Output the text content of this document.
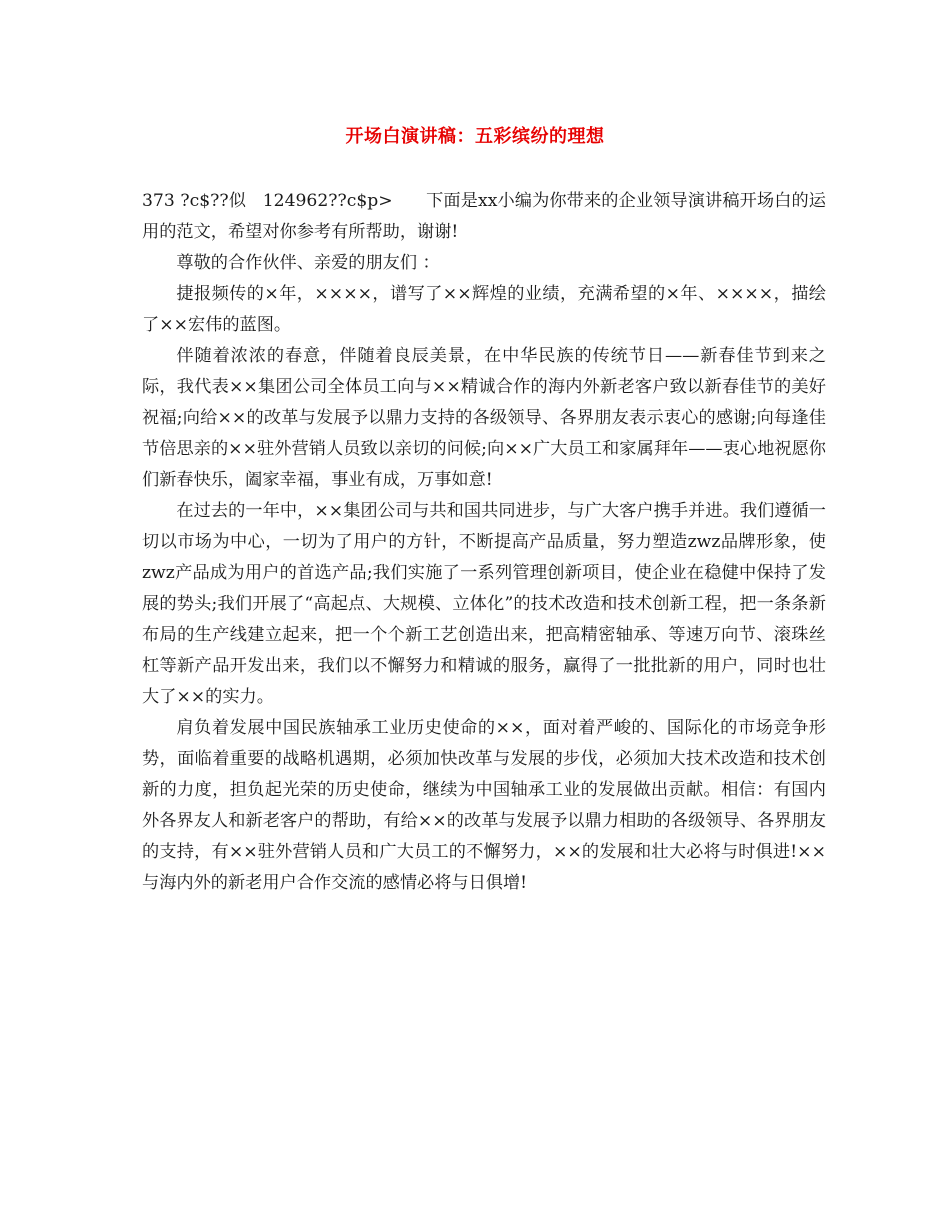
开场白演讲稿：五彩缤纷的理想

373 ?c$??似   124962??c$p>      下面是xx小编为你带来的企业领导演讲稿开场白的运用的范文，希望对你参考有所帮助，谢谢!

尊敬的合作伙伴、亲爱的朋友们 ：

捷报频传的×年，××××，谱写了××辉煌的业绩，充满希望的×年、××××，描绘了××宏伟的蓝图。

伴随着浓浓的春意，伴随着良辰美景，在中华民族的传统节日——新春佳节到来之际，我代表××集团公司全体员工向与××精诚合作的海内外新老客户致以新春佳节的美好祝福;向给××的改革与发展予以鼎力支持的各级领导、各界朋友表示衷心的感谢;向每逢佳节倍思亲的××驻外营销人员致以亲切的问候;向××广大员工和家属拜年——衷心地祝愿你们新春快乐，阖家幸福，事业有成，万事如意!

在过去的一年中，××集团公司与共和国共同进步，与广大客户携手并进。我们遵循一切以市场为中心，一切为了用户的方针，不断提高产品质量，努力塑造zwz品牌形象，使zwz产品成为用户的首选产品;我们实施了一系列管理创新项目，使企业在稳健中保持了发展的势头;我们开展了“高起点、大规模、立体化”的技术改造和技术创新工程，把一条条新布局的生产线建立起来，把一个个新工艺创造出来，把高精密轴承、等速万向节、滚珠丝杠等新产品开发出来，我们以不懈努力和精诚的服务，赢得了一批批新的用户，同时也壮大了××的实力。

肩负着发展中国民族轴承工业历史使命的××，面对着严峻的、国际化的市场竞争形势，面临着重要的战略机遇期，必须加快改革与发展的步伐，必须加大技术改造和技术创新的力度，担负起光荣的历史使命，继续为中国轴承工业的发展做出贡献。相信：有国内外各界友人和新老客户的帮助，有给××的改革与发展予以鼎力相助的各级领导、各界朋友的支持，有××驻外营销人员和广大员工的不懈努力，××的发展和壮大必将与时俱进!××与海内外的新老用户合作交流的感情必将与日俱增!
